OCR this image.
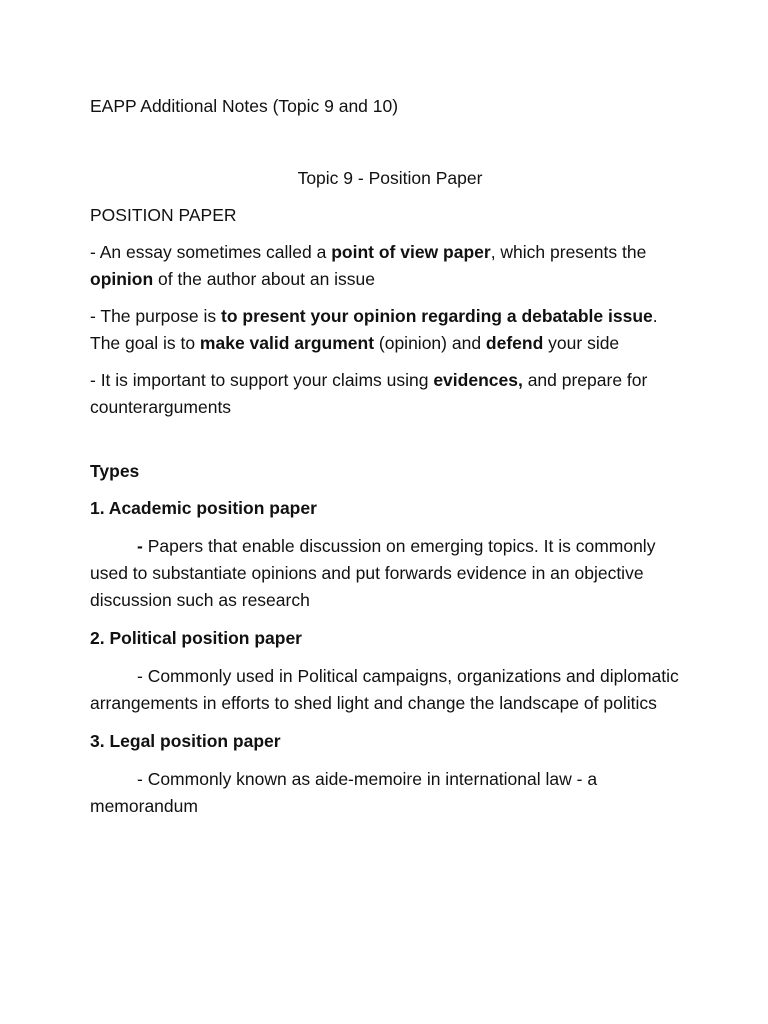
EAPP Additional Notes (Topic 9 and 10)

Topic 9 - Position Paper

POSITION PAPER

- An essay sometimes called a point of view paper, which presents the opinion of the author about an issue

- The purpose is to present your opinion regarding a debatable issue. The goal is to make valid argument (opinion) and defend your side

- It is important to support your claims using evidences, and prepare for counterarguments

Types

1. Academic position paper

- Papers that enable discussion on emerging topics. It is commonly used to substantiate opinions and put forwards evidence in an objective discussion such as research

2. Political position paper

- Commonly used in Political campaigns, organizations and diplomatic arrangements in efforts to shed light and change the landscape of politics

3. Legal position paper

- Commonly known as aide-memoire in international law - a memorandum
